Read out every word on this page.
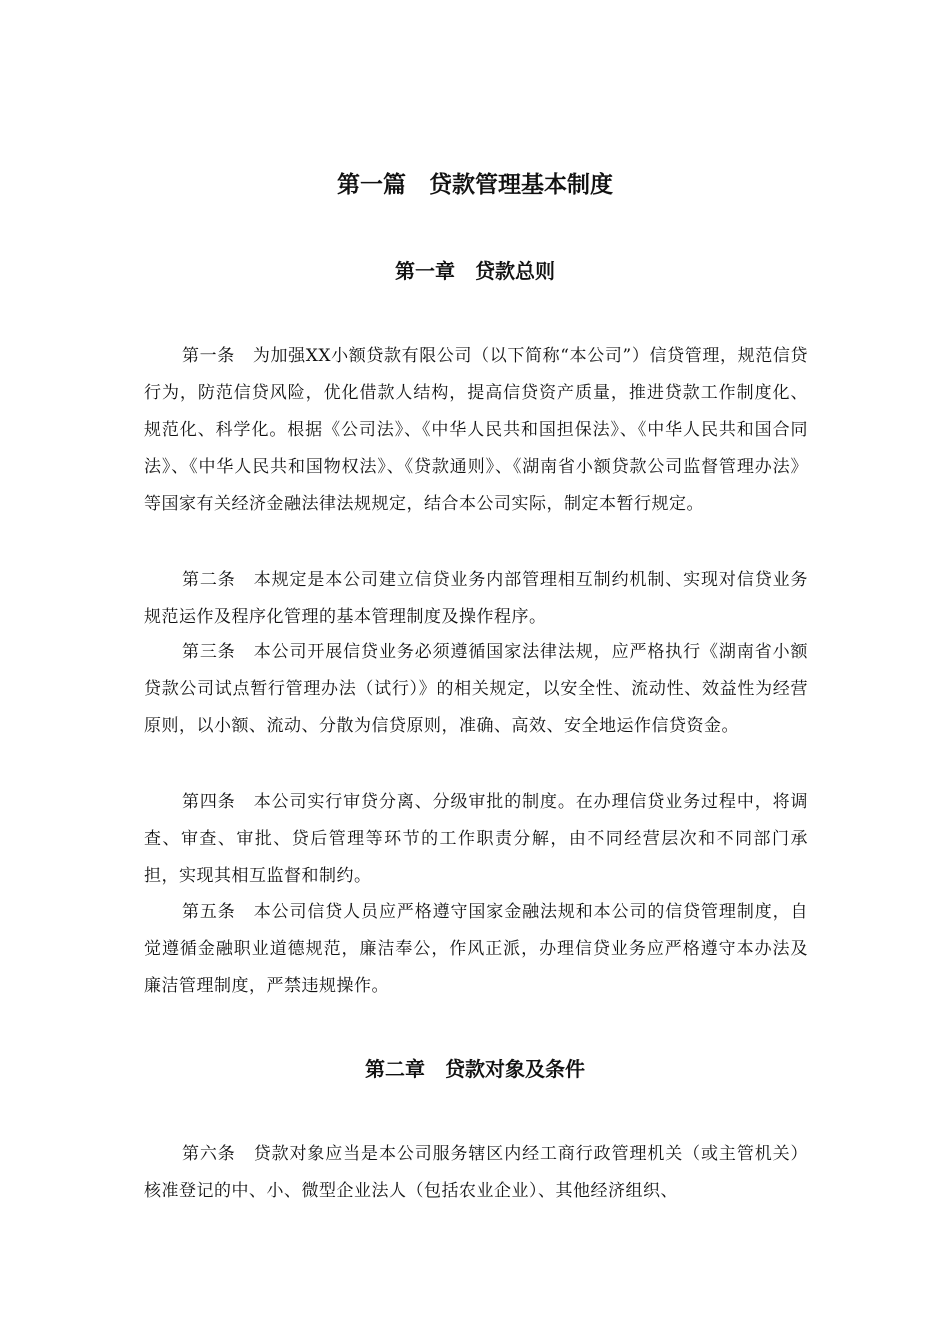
第一篇　贷款管理基本制度
第一章　贷款总则

第一条 为加强XX小额贷款有限公司（以下简称“本公司”）信贷管理，规范信贷行为，防范信贷风险，优化借款人结构，提高信贷资产质量，推进贷款工作制度化、规范化、科学化。根据《公司法》、《中华人民共和国担保法》、《中华人民共和国合同法》、《中华人民共和国物权法》、《贷款通则》、《湖南省小额贷款公司监督管理办法》等国家有关经济金融法律法规规定，结合本公司实际，制定本暂行规定。

第二条 本规定是本公司建立信贷业务内部管理相互制约机制、实现对信贷业务规范运作及程序化管理的基本管理制度及操作程序。

第三条 本公司开展信贷业务必须遵循国家法律法规，应严格执行《湖南省小额贷款公司试点暂行管理办法（试行）》的相关规定，以安全性、流动性、效益性为经营原则，以小额、流动、分散为信贷原则，准确、高效、安全地运作信贷资金。

第四条 本公司实行审贷分离、分级审批的制度。在办理信贷业务过程中，将调查、审查、审批、贷后管理等环节的工作职责分解，由不同经营层次和不同部门承担，实现其相互监督和制约。

第五条 本公司信贷人员应严格遵守国家金融法规和本公司的信贷管理制度，自觉遵循金融职业道德规范，廉洁奉公，作风正派，办理信贷业务应严格遵守本办法及廉洁管理制度，严禁违规操作。

第二章　贷款对象及条件

第六条 贷款对象应当是本公司服务辖区内经工商行政管理机关（或主管机关）核准登记的中、小、微型企业法人（包括农业企业）、其他经济组织、
